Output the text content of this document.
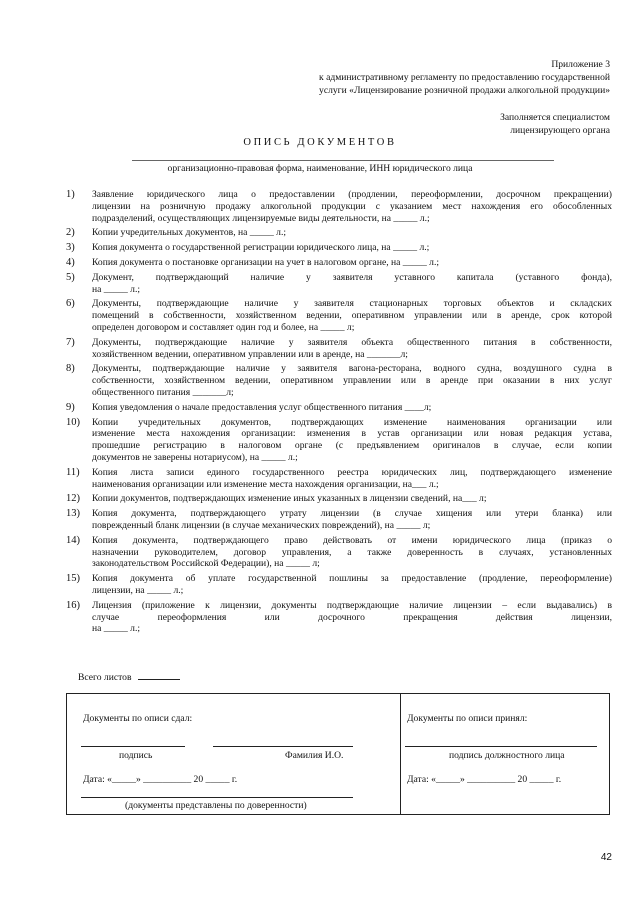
Приложение 3
к административному регламенту по предоставлению государственной
услуги «Лицензирование розничной продажи алкогольной продукции»
Заполняется специалистом
лицензирующего органа
ОПИСЬ ДОКУМЕНТОВ
организационно-правовая форма, наименование, ИНН юридического лица
1)	Заявление юридического лица о предоставлении (продлении, переоформлении, досрочном прекращении)
лицензии на розничную продажу алкогольной продукции с указанием мест нахождения его обособленных
подразделений, осуществляющих лицензируемые виды деятельности, на _____ л.;
2)	Копии учредительных документов, на _____ л.;
3)	Копия документа о государственной регистрации юридического лица, на _____ л.;
4)	Копия документа о постановке организации на учет в налоговом органе, на _____ л.;
5)	Документ, подтверждающий наличие у заявителя уставного капитала (уставного фонда),
на _____ л.;
6)	Документы, подтверждающие наличие у заявителя стационарных торговых объектов и складских
помещений в собственности, хозяйственном ведении, оперативном управлении или в аренде, срок которой
определен договором и составляет один год и более, на _____ л;
7)	Документы, подтверждающие наличие у заявителя объекта общественного питания в собственности,
хозяйственном ведении, оперативном управлении или в аренде, на _______л;
8)	Документы, подтверждающие наличие у заявителя вагона-ресторана, водного судна, воздушного судна в
собственности, хозяйственном ведении, оперативном управлении или в аренде при оказании в них услуг
общественного питания _______л;
9)	Копия уведомления о начале предоставления услуг общественного питания ____л;
10)	Копии учредительных документов, подтверждающих изменение наименования организации или
изменение места нахождения организации: изменения в устав организации или новая редакция устава,
прошедшие регистрацию в налоговом органе (с предъявлением оригиналов в случае, если копии
документов не заверены нотариусом), на _____ л.;
11)	Копия листа записи единого государственного реестра юридических лиц, подтверждающего изменение
наименования организации или изменение места нахождения организации, на___ л.;
12)	Копии документов, подтверждающих изменение иных указанных в лицензии сведений, на___ л;
13)	Копия документа, подтверждающего утрату лицензии (в случае хищения или утери бланка) или
поврежденный бланк лицензии (в случае механических повреждений), на _____ л;
14)	Копия документа, подтверждающего право действовать от имени юридического лица (приказ о
назначении руководителем, договор управления, а также доверенность в случаях, установленных
законодательством Российской Федерации), на _____ л;
15)	Копия документа об уплате государственной пошлины за предоставление (продление, переоформление)
лицензии, на _____ л.;
16)	Лицензия (приложение к лицензии, документы подтверждающие наличие лицензии – если выдавались) в
случае переоформления или досрочного прекращения действия лицензии,
на _____ л.;
Всего листов
Документы по описи сдал:
подпись	Фамилия И.О.
Дата: «_____» __________ 20 _____ г.
(документы представлены по доверенности)
Документы по описи принял:
подпись должностного лица
Дата: «_____» __________ 20 _____ г.
42
